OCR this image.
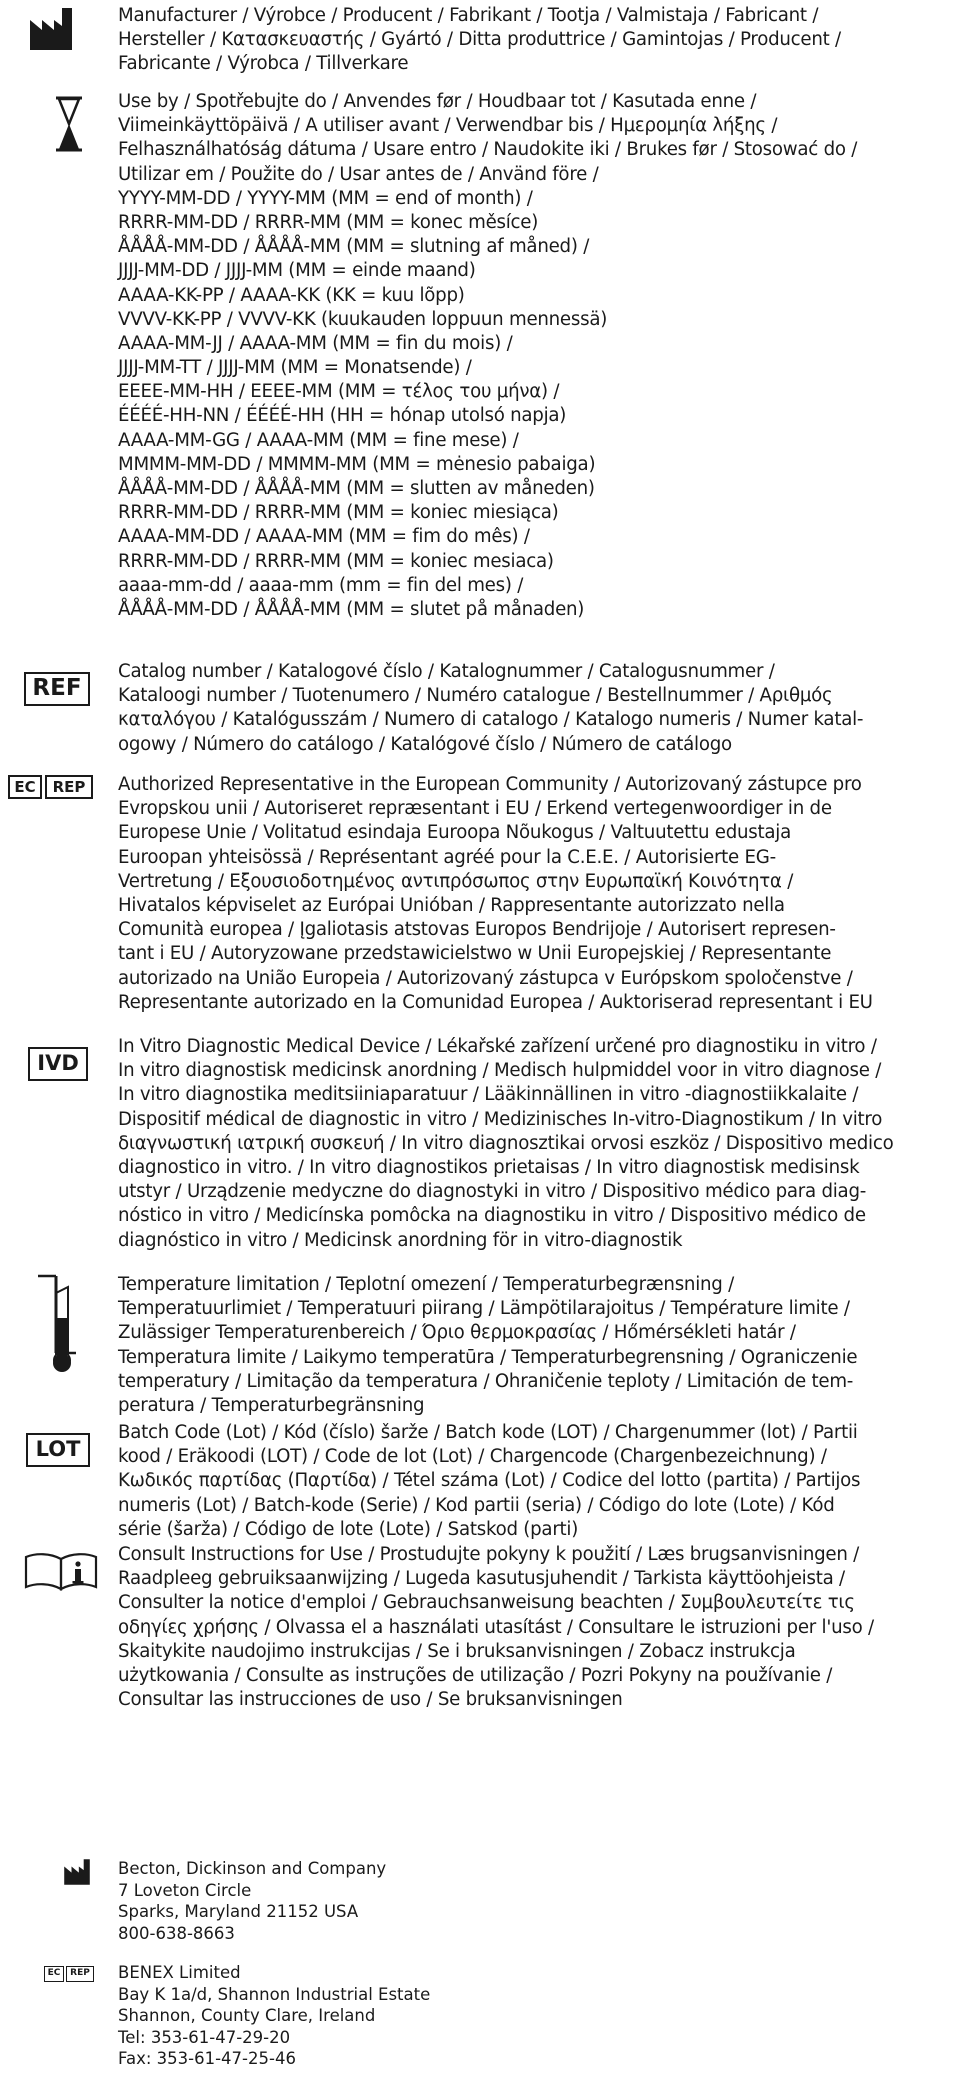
Manufacturer / Výrobce / Producent / Fabrikant / Tootja / Valmistaja / Fabricant /
Hersteller / Κατασκευαστής / Gyártó / Ditta produttrice / Gamintojas / Producent /
Fabricante / Výrobca / Tillverkare
Use by / Spotřebujte do / Anvendes før / Houdbaar tot / Kasutada enne /
Viimeinkäyttöpäivä / A utiliser avant / Verwendbar bis / Ημερομηία λήξης /
Felhasználhatóság dátuma / Usare entro / Naudokite iki / Brukes før / Stosować do /
Utilizar em / Použite do / Usar antes de / Använd före /
YYYY-MM-DD / YYYY-MM (MM = end of month) /
RRRR-MM-DD / RRRR-MM (MM = konec měsíce)
ÅÅÅÅ-MM-DD / ÅÅÅÅ-MM (MM = slutning af måned) /
JJJJ-MM-DD / JJJJ-MM (MM = einde maand)
AAAA-KK-PP / AAAA-KK (KK = kuu lõpp)
VVVV-KK-PP / VVVV-KK (kuukauden loppuun mennessä)
AAAA-MM-JJ / AAAA-MM (MM = fin du mois) /
JJJJ-MM-TT / JJJJ-MM (MM = Monatsende) /
EEEE-MM-HH / EEEE-MM (MM = τέλος του μήνα) /
ÉÉÉÉ-HH-NN / ÉÉÉÉ-HH (HH = hónap utolsó napja)
AAAA-MM-GG / AAAA-MM (MM = fine mese) /
MMMM-MM-DD / MMMM-MM (MM = mėnesio pabaiga)
ÅÅÅÅ-MM-DD / ÅÅÅÅ-MM (MM = slutten av måneden)
RRRR-MM-DD / RRRR-MM (MM = koniec miesiąca)
AAAA-MM-DD / AAAA-MM (MM = fim do mês) /
RRRR-MM-DD / RRRR-MM (MM = koniec mesiaca)
aaaa-mm-dd / aaaa-mm (mm = fin del mes) /
ÅÅÅÅ-MM-DD / ÅÅÅÅ-MM (MM = slutet på månaden)
REF
Catalog number / Katalogové číslo / Katalognummer / Catalogusnummer /
Kataloogi number / Tuotenumero / Numéro catalogue / Bestellnummer / Αριθμός
καταλόγου / Katalógusszám / Numero di catalogo / Katalogo numeris / Numer katal-
ogowy / Número do catálogo / Katalógové číslo / Número de catálogo
EC	REP	Authorized Representative in the European Community / Autorizovaný zástupce pro
Evropskou unii / Autoriseret repræsentant i EU / Erkend vertegenwoordiger in de
Europese Unie / Volitatud esindaja Euroopa Nõukogus / Valtuutettu edustaja
Euroopan yhteisössä / Représentant agréé pour la C.E.E. / Autorisierte EG-
Vertretung / Εξουσιοδοτημένος αντιπρόσωπος στην Ευρωπαϊκή Κοινότητα /
Hivatalos képviselet az Európai Unióban / Rappresentante autorizzato nella
Comunità europea / Įgaliotasis atstovas Europos Bendrijoje / Autorisert represen-
tant i EU / Autoryzowane przedstawicielstwo w Unii Europejskiej / Representante
autorizado na União Europeia / Autorizovaný zástupca v Európskom spoločenstve /
Representante autorizado en la Comunidad Europea / Auktoriserad representant i EU
IVD
In Vitro Diagnostic Medical Device / Lékařské zařízení určené pro diagnostiku in vitro /
In vitro diagnostisk medicinsk anordning / Medisch hulpmiddel voor in vitro diagnose /
In vitro diagnostika meditsiiniaparatuur / Lääkinnällinen in vitro -diagnostiikkalaite /
Dispositif médical de diagnostic in vitro / Medizinisches In-vitro-Diagnostikum / In vitro
διαγνωστική ιατρική συσκευή / In vitro diagnosztikai orvosi eszköz / Dispositivo medico
diagnostico in vitro. / In vitro diagnostikos prietaisas / In vitro diagnostisk medisinsk
utstyr / Urządzenie medyczne do diagnostyki in vitro / Dispositivo médico para diag-
nóstico in vitro / Medicínska pomôcka na diagnostiku in vitro / Dispositivo médico de
diagnóstico in vitro / Medicinsk anordning för in vitro-diagnostik
Temperature limitation / Teplotní omezení / Temperaturbegrænsning /
Temperatuurlimiet / Temperatuuri piirang / Lämpötilarajoitus / Température limite /
Zulässiger Temperaturenbereich / Όριο θερμοκρασίας / Hőmérsékleti határ /
Temperatura limite / Laikymo temperatūra / Temperaturbegrensning / Ograniczenie
temperatury / Limitação da temperatura / Ohraničenie teploty / Limitación de tem-
peratura / Temperaturbegränsning
LOT
Batch Code (Lot) / Kód (číslo) šarže / Batch kode (LOT) / Chargenummer (lot) / Partii
kood / Eräkoodi (LOT) / Code de lot (Lot) / Chargencode (Chargenbezeichnung) /
Κωδικός παρτίδας (Παρτίδα) / Tétel száma (Lot) / Codice del lotto (partita) / Partijos
numeris (Lot) / Batch-kode (Serie) / Kod partii (seria) / Código do lote (Lote) / Kód
série (šarža) / Código de lote (Lote) / Satskod (parti)
Consult Instructions for Use / Prostudujte pokyny k použití / Læs brugsanvisningen /
Raadpleeg gebruiksaanwijzing / Lugeda kasutusjuhendit / Tarkista käyttöohjeista /
Consulter la notice d'emploi / Gebrauchsanweisung beachten / Συμβουλευτείτε τις
οδηγίες χρήσης / Olvassa el a használati utasítást / Consultare le istruzioni per l'uso /
Skaitykite naudojimo instrukcijas / Se i bruksanvisningen / Zobacz instrukcja
użytkowania / Consulte as instruções de utilização / Pozri Pokyny na používanie /
Consultar las instrucciones de uso / Se bruksanvisningen
Becton, Dickinson and Company
7 Loveton Circle
Sparks, Maryland 21152 USA
800-638-8663
EC	REP BENEX Limited
Bay K 1a/d, Shannon Industrial Estate
Shannon, County Clare, Ireland
Tel: 353-61-47-29-20
Fax: 353-61-47-25-46
